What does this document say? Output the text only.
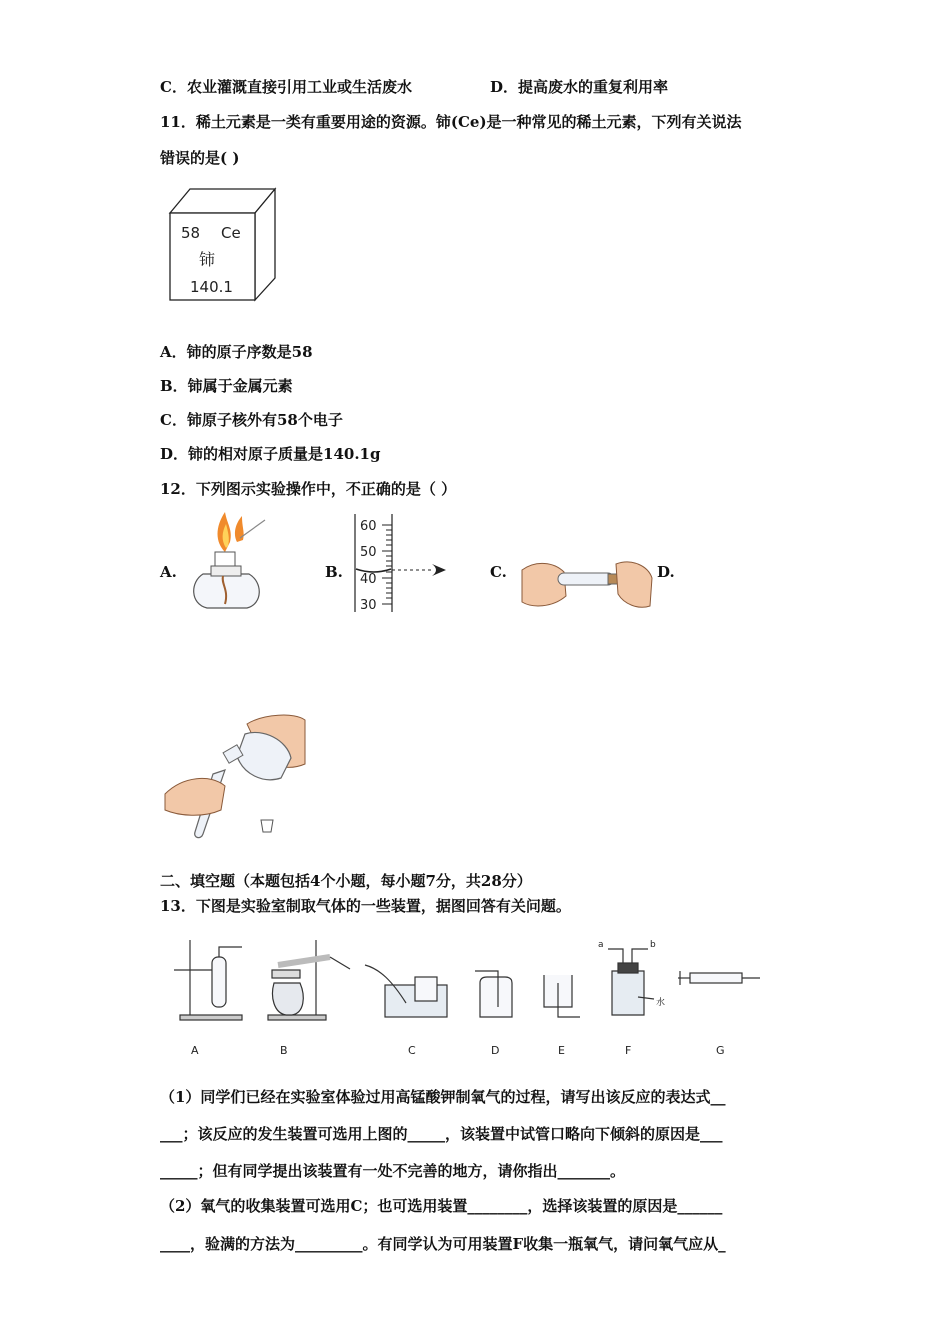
C．农业灌溉直接引用工业或生活废水	D．提高废水的重复利用率
11．稀土元素是一类有重要用途的资源。铈(Ce)是一种常见的稀土元素，下列有关说法
错误的是( )
58 Ce
铈
140.1
A．铈的原子序数是58
B．铈属于金属元素
C．铈原子核外有58个电子
D．铈的相对原子质量是140.1g
12．下列图示实验操作中，不正确的是（ ）
A.	B.
60
50
40
30
C.	D.
二、填空题（本题包括4个小题，每小题7分，共28分）
13．下图是实验室制取气体的一些装置，据图回答有关问题。
a	b
水
A	B	C	D	E	F	G
（1）同学们已经在实验室体验过用高锰酸钾制氧气的过程，请写出该反应的表达式__
___；该反应的发生装置可选用上图的_____，该装置中试管口略向下倾斜的原因是___
_____；但有同学提出该装置有一处不完善的地方，请你指出_______。
（2）氧气的收集装置可选用C；也可选用装置________，选择该装置的原因是______
____，验满的方法为_________。有同学认为可用装置F收集一瓶氧气，请问氧气应从_
